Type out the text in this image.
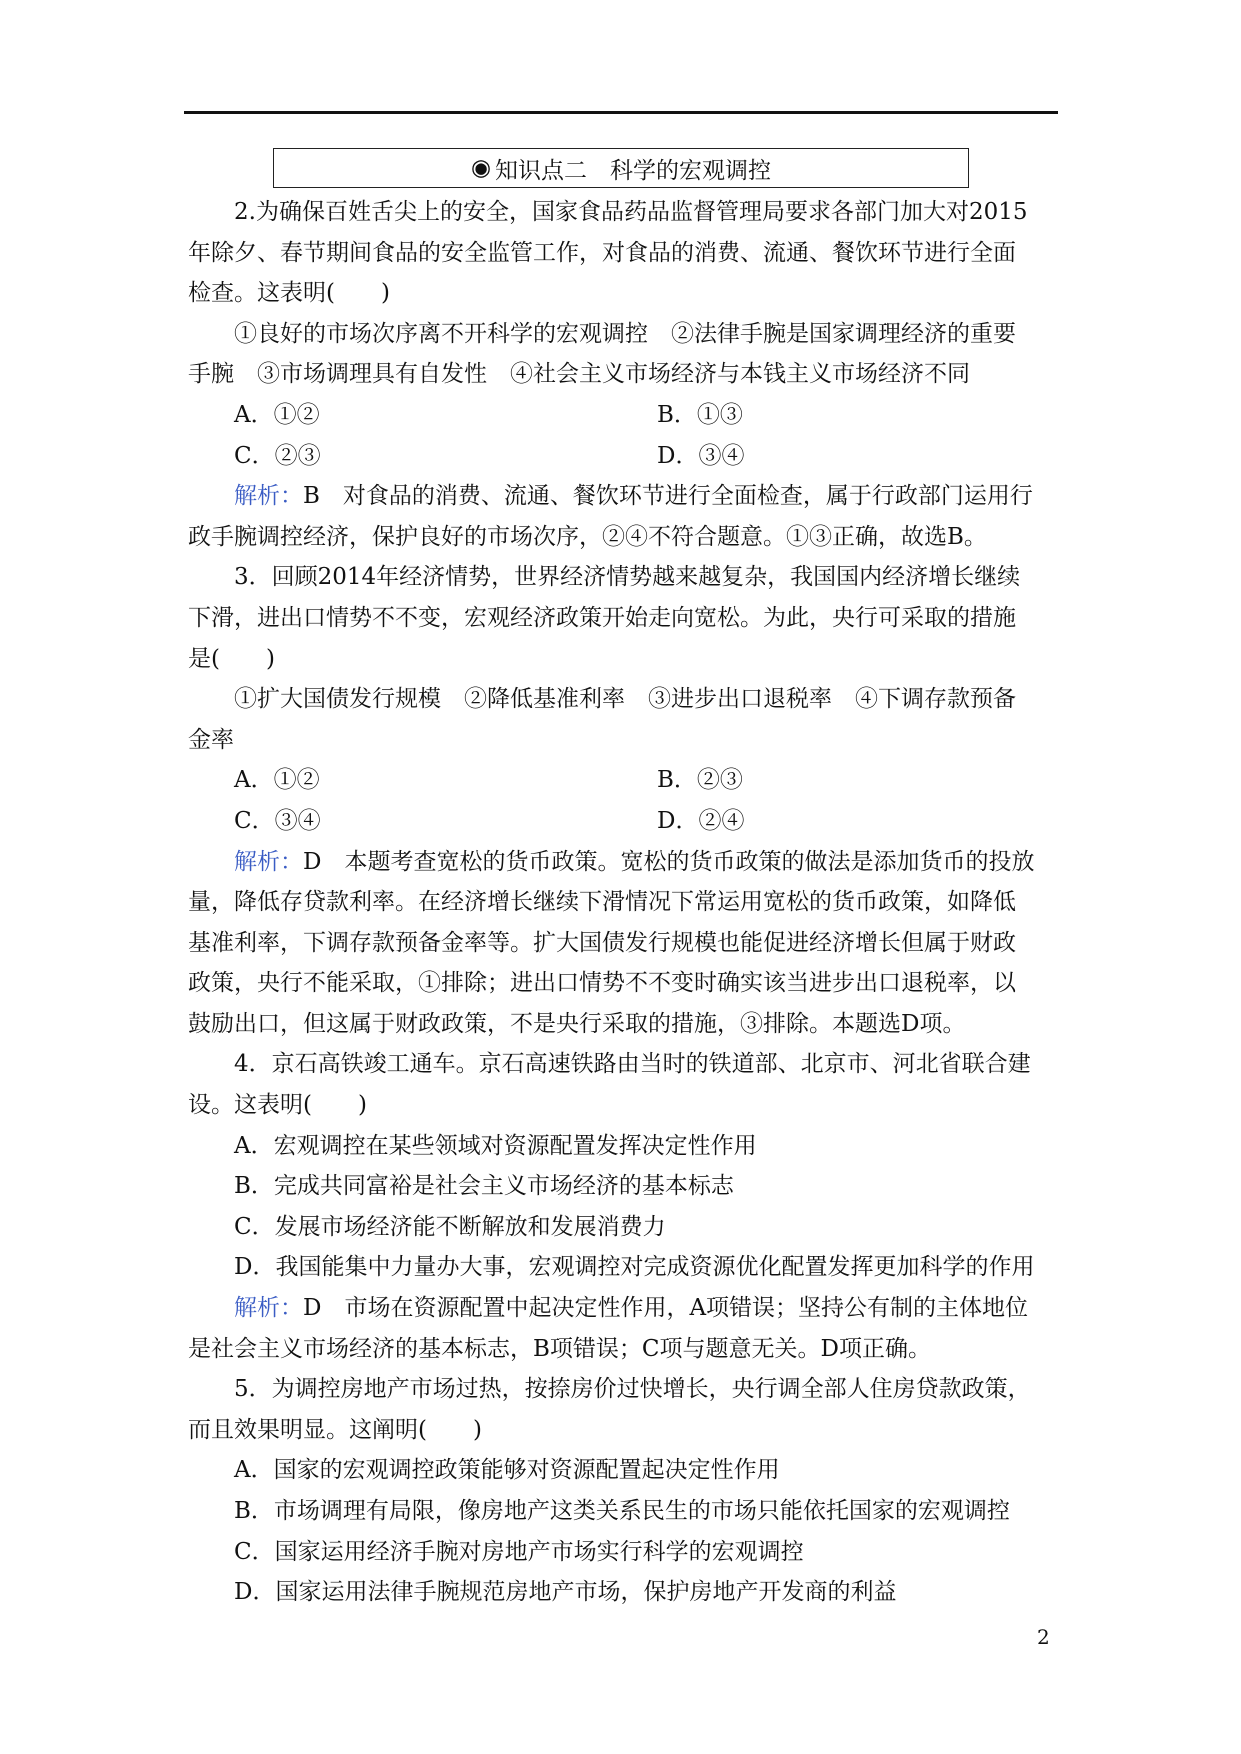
◉ 知识点二　科学的宏观调控
2.为确保百姓舌尖上的安全，国家食品药品监督管理局要求各部门加大对2015
年除夕、春节期间食品的安全监管工作，对食品的消费、流通、餐饮环节进行全面
检查。这表明(　　)
①良好的市场次序离不开科学的宏观调控　②法律手腕是国家调理经济的重要
手腕　③市场调理具有自发性　④社会主义市场经济与本钱主义市场经济不同
A．①②	B．①③
C．②③	D．③④
解析：B　对食品的消费、流通、餐饮环节进行全面检查，属于行政部门运用行
政手腕调控经济，保护良好的市场次序，②④不符合题意。①③正确，故选B。
3．回顾2014年经济情势，世界经济情势越来越复杂，我国国内经济增长继续
下滑，进出口情势不不变，宏观经济政策开始走向宽松。为此，央行可采取的措施
是(　　)
①扩大国债发行规模　②降低基准利率　③进步出口退税率　④下调存款预备
金率
A．①②	B．②③
C．③④	D．②④
解析：D　本题考查宽松的货币政策。宽松的货币政策的做法是添加货币的投放
量，降低存贷款利率。在经济增长继续下滑情况下常运用宽松的货币政策，如降低
基准利率，下调存款预备金率等。扩大国债发行规模也能促进经济增长但属于财政
政策，央行不能采取，①排除；进出口情势不不变时确实该当进步出口退税率，以
鼓励出口，但这属于财政政策，不是央行采取的措施，③排除。本题选D项。
4．京石高铁竣工通车。京石高速铁路由当时的铁道部、北京市、河北省联合建
设。这表明(　　)
A．宏观调控在某些领域对资源配置发挥决定性作用
B．完成共同富裕是社会主义市场经济的基本标志
C．发展市场经济能不断解放和发展消费力
D．我国能集中力量办大事，宏观调控对完成资源优化配置发挥更加科学的作用
解析：D　市场在资源配置中起决定性作用，A项错误；坚持公有制的主体地位
是社会主义市场经济的基本标志，B项错误；C项与题意无关。D项正确。
5．为调控房地产市场过热，按捺房价过快增长，央行调全部人住房贷款政策，
而且效果明显。这阐明(　　)
A．国家的宏观调控政策能够对资源配置起决定性作用
B．市场调理有局限，像房地产这类关系民生的市场只能依托国家的宏观调控
C．国家运用经济手腕对房地产市场实行科学的宏观调控
D．国家运用法律手腕规范房地产市场，保护房地产开发商的利益
2
